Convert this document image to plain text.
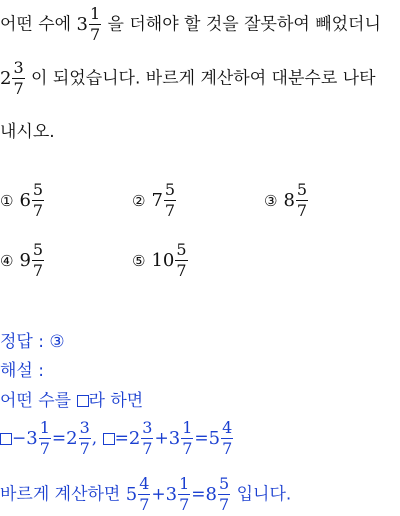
어떤 수에 $3 \frac{1}{7}$ 을 더해야 할 것을 잘못하여 빼었더니
$2 \frac{3}{7}$ 이 되었습니다. 바르게 계산하여 대분수로 나타
내시오.
① $6 \frac{5}{7}$	② $7 \frac{5}{7}$	③ $8 \frac{5}{7}$
④ $9 \frac{5}{7}$	⑤ $10 \frac{5}{7}$
정답 : ③
해설 :
어떤 수를 라 하면
$-3 \frac{1}{7} =2 \frac{3}{7}$ , $=2 \frac{3}{7} +3 \frac{1}{7} =5 \frac{4}{7}$
바르게 계산하면 $5 \frac{4}{7} +3 \frac{1}{7} =8 \frac{5}{7}$ 입니다.
